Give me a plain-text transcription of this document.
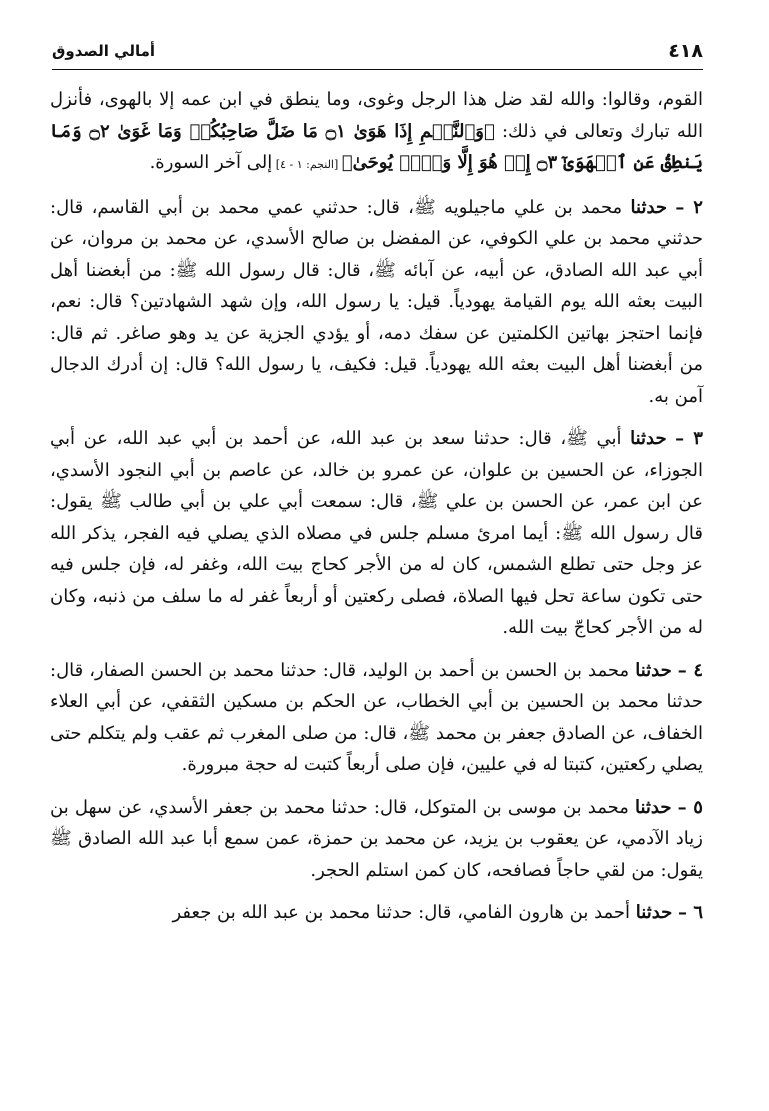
٤١٨
أمالي الصدوق

القوم، وقالوا: والله لقد ضل هذا الرجل وغوى، وما ينطق في ابن عمه إلا بالهوى، فأنزل الله تبارك وتعالى في ذلك: ﴿وَٱلنَّجۡمِ إِذَا هَوَىٰ ۝١ مَا ضَلَّ صَاحِبُكُمۡ وَمَا غَوَىٰ ۝٢ وَمَا يَنطِقُ عَنِ ٱلۡهَوَىٰٓ ۝٣ إِنۡ هُوَ إِلَّا وَحۡيٞ يُوحَىٰ﴾ [النجم: ١ - ٤] إلى آخر السورة.

٢ – حدثنا محمد بن علي ماجيلويه ﷺ، قال: حدثني عمي محمد بن أبي القاسم، قال: حدثني محمد بن علي الكوفي، عن المفضل بن صالح الأسدي، عن محمد بن مروان، عن أبي عبد الله الصادق، عن أبيه، عن آبائه ﷺ، قال: قال رسول الله ﷺ: من أبغضنا أهل البيت بعثه الله يوم القيامة يهودياً. قيل: يا رسول الله، وإن شهد الشهادتين؟ قال: نعم، فإنما احتجز بهاتين الكلمتين عن سفك دمه، أو يؤدي الجزية عن يد وهو صاغر. ثم قال: من أبغضنا أهل البيت بعثه الله يهودياً. قيل: فكيف، يا رسول الله؟ قال: إن أدرك الدجال آمن به.

٣ – حدثنا أبي ﷺ، قال: حدثنا سعد بن عبد الله، عن أحمد بن أبي عبد الله، عن أبي الجوزاء، عن الحسين بن علوان، عن عمرو بن خالد، عن عاصم بن أبي النجود الأسدي، عن ابن عمر، عن الحسن بن علي ﷺ، قال: سمعت أبي علي بن أبي طالب ﷺ يقول: قال رسول الله ﷺ: أيما امرئ مسلم جلس في مصلاه الذي يصلي فيه الفجر، يذكر الله عز وجل حتى تطلع الشمس، كان له من الأجر كحاج بيت الله، وغفر له، فإن جلس فيه حتى تكون ساعة تحل فيها الصلاة، فصلى ركعتين أو أربعاً غفر له ما سلف من ذنبه، وكان له من الأجر كحاجّ بيت الله.

٤ – حدثنا محمد بن الحسن بن أحمد بن الوليد، قال: حدثنا محمد بن الحسن الصفار، قال: حدثنا محمد بن الحسين بن أبي الخطاب، عن الحكم بن مسكين الثقفي، عن أبي العلاء الخفاف، عن الصادق جعفر بن محمد ﷺ، قال: من صلى المغرب ثم عقب ولم يتكلم حتى يصلي ركعتين، كتبتا له في عليين، فإن صلى أربعاً كتبت له حجة مبرورة.

٥ – حدثنا محمد بن موسى بن المتوكل، قال: حدثنا محمد بن جعفر الأسدي، عن سهل بن زياد الآدمي، عن يعقوب بن يزيد، عن محمد بن حمزة، عمن سمع أبا عبد الله الصادق ﷺ يقول: من لقي حاجاً فصافحه، كان كمن استلم الحجر.

٦ – حدثنا أحمد بن هارون الفامي، قال: حدثنا محمد بن عبد الله بن جعفر
